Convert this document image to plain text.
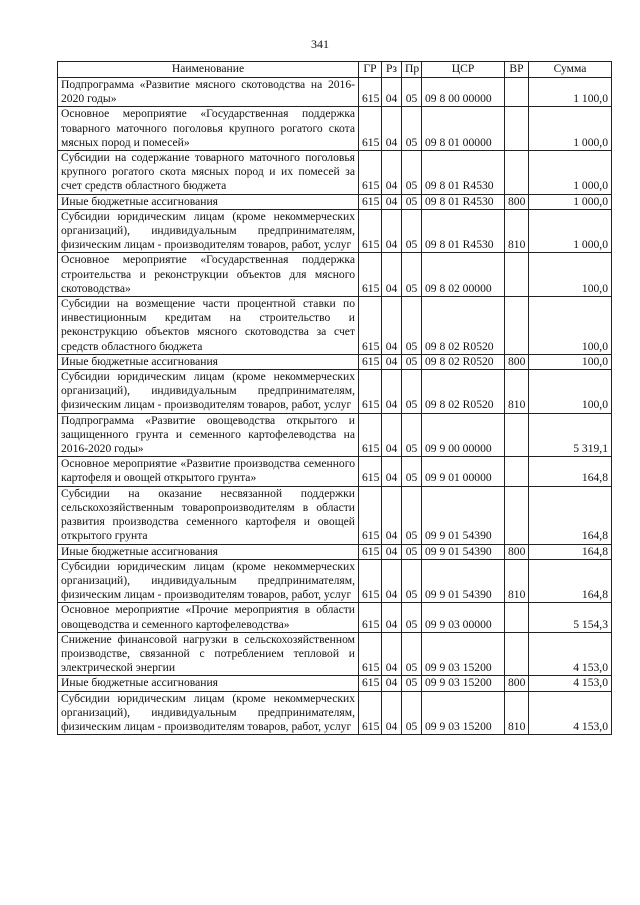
341
Наименование	ГР	Рз	Пр	ЦСР	ВР	Сумма
Подпрограмма «Развитие мясного скотоводства на 2016-2020 годы»	615	04	05	09 8 00 00000		1 100,0
Основное мероприятие «Государственная поддержка товарного маточного поголовья крупного рогатого скота мясных пород и помесей»	615	04	05	09 8 01 00000		1 000,0
Субсидии на содержание товарного маточного поголовья крупного рогатого скота мясных пород и их помесей за счет средств областного бюджета	615	04	05	09 8 01 R4530		1 000,0
Иные бюджетные ассигнования	615	04	05	09 8 01 R4530	800	1 000,0
Субсидии юридическим лицам (кроме некоммерческих организаций), индивидуальным предпринимателям, физическим лицам - производителям товаров, работ, услуг	615	04	05	09 8 01 R4530	810	1 000,0
Основное мероприятие «Государственная поддержка строительства и реконструкции объектов для мясного скотоводства»	615	04	05	09 8 02 00000		100,0
Субсидии на возмещение части процентной ставки по инвестиционным кредитам на строительство и реконструкцию объектов мясного скотоводства за счет средств областного бюджета	615	04	05	09 8 02 R0520		100,0
Иные бюджетные ассигнования	615	04	05	09 8 02 R0520	800	100,0
Субсидии юридическим лицам (кроме некоммерческих организаций), индивидуальным предпринимателям, физическим лицам - производителям товаров, работ, услуг	615	04	05	09 8 02 R0520	810	100,0
Подпрограмма «Развитие овощеводства открытого и защищенного грунта и семенного картофелеводства на 2016-2020 годы»	615	04	05	09 9 00 00000		5 319,1
Основное мероприятие «Развитие производства семенного картофеля и овощей открытого грунта»	615	04	05	09 9 01 00000		164,8
Субсидии на оказание несвязанной поддержки сельскохозяйственным товаропроизводителям в области развития производства семенного картофеля и овощей открытого грунта	615	04	05	09 9 01 54390		164,8
Иные бюджетные ассигнования	615	04	05	09 9 01 54390	800	164,8
Субсидии юридическим лицам (кроме некоммерческих организаций), индивидуальным предпринимателям, физическим лицам - производителям товаров, работ, услуг	615	04	05	09 9 01 54390	810	164,8
Основное мероприятие «Прочие мероприятия в области овощеводства и семенного картофелеводства»	615	04	05	09 9 03 00000		5 154,3
Снижение финансовой нагрузки в сельскохозяйственном производстве, связанной с потреблением тепловой и электрической энергии	615	04	05	09 9 03 15200		4 153,0
Иные бюджетные ассигнования	615	04	05	09 9 03 15200	800	4 153,0
Субсидии юридическим лицам (кроме некоммерческих организаций), индивидуальным предпринимателям, физическим лицам - производителям товаров, работ, услуг	615	04	05	09 9 03 15200	810	4 153,0
